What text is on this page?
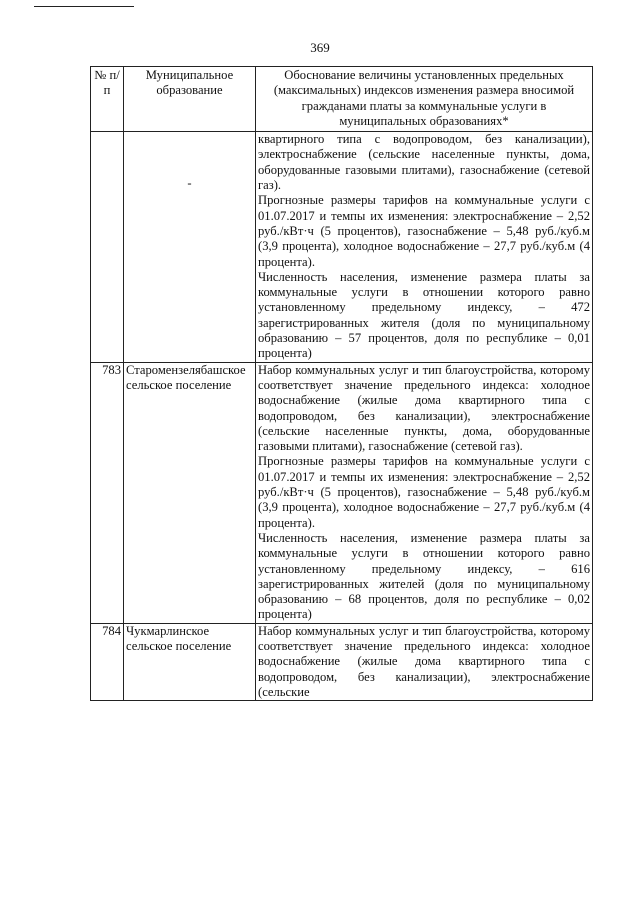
369
№ п/п	Муниципальное образование	Обоснование величины установленных предельных (максимальных) индексов изменения размера вносимой гражданами платы за коммунальные услуги в муниципальных образованиях*

	-	квартирного типа с водопроводом, без канализации), электроснабжение (сельские населенные пункты, дома, оборудованные газовыми плитами), газоснабжение (сетевой газ).

Прогнозные размеры тарифов на коммунальные услуги с 01.07.2017 и темпы их изменения: электроснабжение – 2,52 руб./кВт·ч (5 процентов), газоснабжение – 5,48 руб./куб.м (3,9 процента), холодное водоснабжение – 27,7 руб./куб.м (4 процента).

Численность населения, изменение размера платы за коммунальные услуги в отношении которого равно установленному предельному индексу, – 472 зарегистрированных жителя (доля по муниципальному образованию – 57 процентов, доля по республике – 0,01 процента)

783	Старомензелябашское сельское поселение	Набор коммунальных услуг и тип благоустройства, которому соответствует значение предельного индекса: холодное водоснабжение (жилые дома квартирного типа с водопроводом, без канализации), электроснабжение (сельские населенные пункты, дома, оборудованные газовыми плитами), газоснабжение (сетевой газ).

Прогнозные размеры тарифов на коммунальные услуги с 01.07.2017 и темпы их изменения: электроснабжение – 2,52 руб./кВт·ч (5 процентов), газоснабжение – 5,48 руб./куб.м (3,9 процента), холодное водоснабжение – 27,7 руб./куб.м (4 процента).

Численность населения, изменение размера платы за коммунальные услуги в отношении которого равно установленному предельному индексу, – 616 зарегистрированных жителей (доля по муниципальному образованию – 68 процентов, доля по республике – 0,02 процента)

784	Чукмарлинское сельское поселение	Набор коммунальных услуг и тип благоустройства, которому соответствует значение предельного индекса: холодное водоснабжение (жилые дома квартирного типа с водопроводом, без канализации), электроснабжение (сельские
